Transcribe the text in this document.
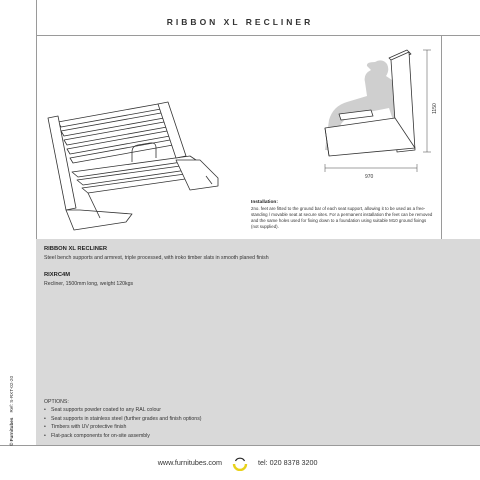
RIBBON XL RECLINER
970
1150
Installation:
2no. feet are fitted to the ground bar of each seat support, allowing it to be used as a free-standing / movable seat at secure sites. For a permanent installation the feet can be removed and the same holes used for fixing down to a foundation using suitable M10 ground fixings (not supplied).
RIBBON XL RECLINER
Steel bench supports and armrest, triple processed, with iroko timber slats in smooth planed finish
RIXRC4M
Recliner, 1500mm long, weight 120kgs
OPTIONS:
• Seat supports powder coated to any RAL colour
• Seat supports in stainless steel (further grades and finish options)
• Timbers with UV protective finish
• Flat-pack components for on-site assembly
© Furnitubes    Ref: S-RXT-02-20
www.furnitubes.com	tel: 020 8378 3200
